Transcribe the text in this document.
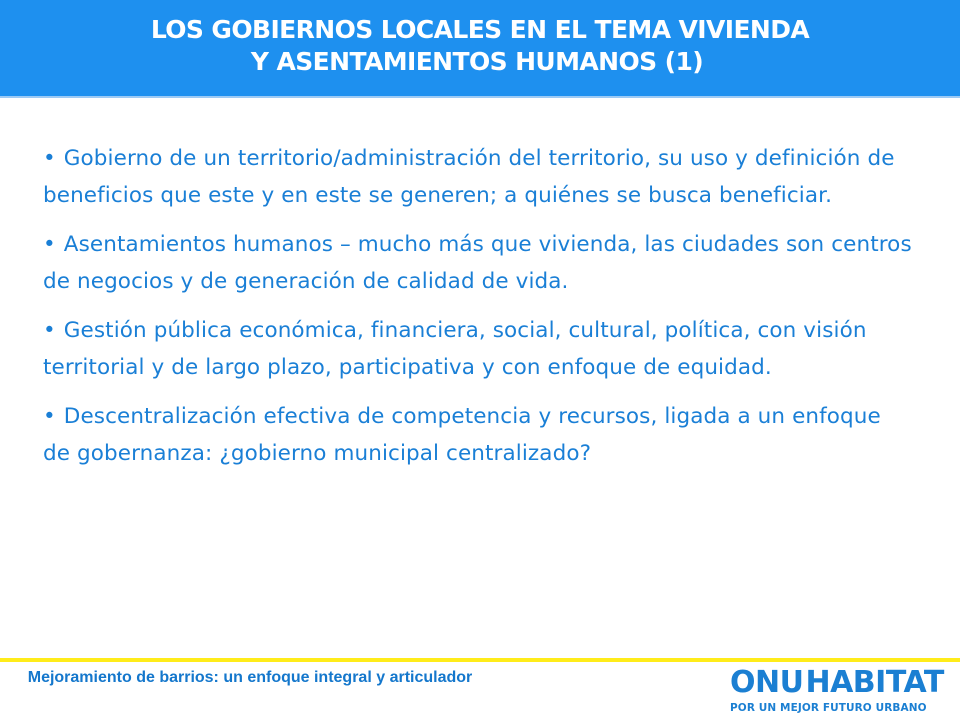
LOS GOBIERNOS LOCALES EN EL TEMA VIVIENDA
Y ASENTAMIENTOS HUMANOS (1)

• Gobierno de un territorio/administración del territorio, su uso y definición de beneficios que este y en este se generen; a quiénes se busca beneficiar.

• Asentamientos humanos – mucho más que vivienda, las ciudades son centros de negocios y de generación de calidad de vida.

• Gestión pública económica, financiera, social, cultural, política, con visión territorial y de largo plazo, participativa y con enfoque de equidad.

• Descentralización efectiva de competencia y recursos, ligada a un enfoque de gobernanza: ¿gobierno municipal centralizado?

Mejoramiento de barrios: un enfoque integral y articulador	ONU HABITAT
POR UN MEJOR FUTURO URBANO
